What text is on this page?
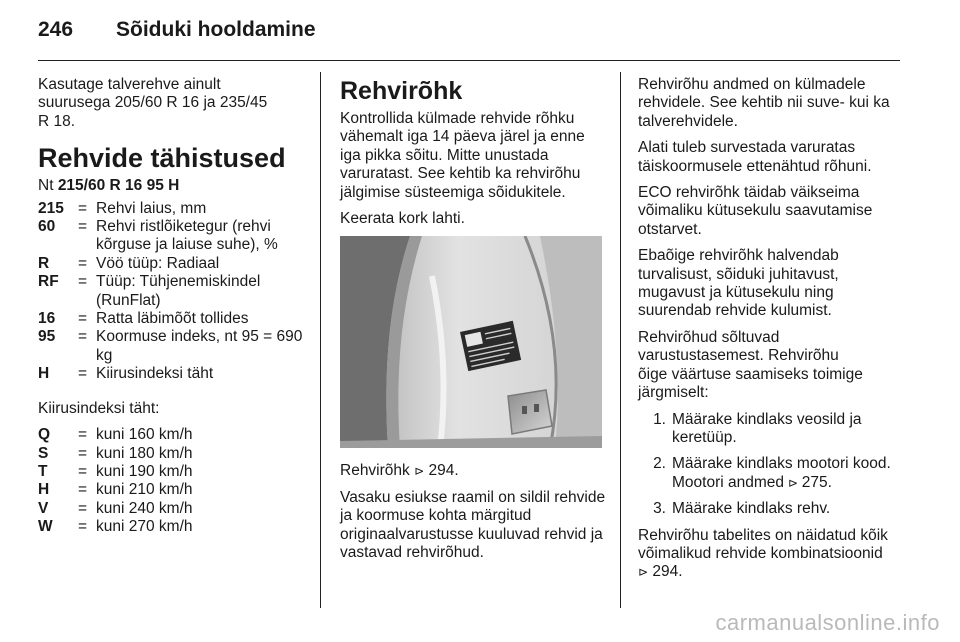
246	Sõiduki hooldamine

Kasutage talverehve ainult suurusega 205/60 R 16 ja 235/45 R 18.

Rehvide tähistused
Nt 215/60 R 16 95 H
215 = Rehvi laius, mm
60	= Rehvi ristlõiketegur (rehvi kõrguse ja laiuse suhe), %
R	= Vöö tüüp: Radiaal
RF	= Tüüp: Tühjenemiskindel (RunFlat)
16	= Ratta läbimõõt tollides
95	= Koormuse indeks, nt 95 = 690 kg
H	= Kiirusindeksi täht

Kiirusindeksi täht:

Q	= kuni 160 km/h
S	= kuni 180 km/h
T	= kuni 190 km/h
H	= kuni 210 km/h
V	= kuni 240 km/h
W	= kuni 270 km/h
Rehvirõhk

Kontrollida külmade rehvide rõhku vähemalt iga 14 päeva järel ja enne iga pikka sõitu. Mitte unustada varuratast. See kehtib ka rehvirõhu jälgimise süsteemiga sõidukitele.

Keerata kork lahti.

Rehvirõhk ⊳ 294.

Vasaku esiukse raamil on sildil rehvide ja koormuse kohta märgitud originaalvarustusse kuuluvad rehvid ja vastavad rehvirõhud.

Rehvirõhu andmed on külmadele rehvidele. See kehtib nii suve- kui ka talverehvidele.

Alati tuleb survestada varuratas täiskoormusele ettenähtud rõhuni.

ECO rehvirõhk täidab väikseima võimaliku kütusekulu saavutamise otstarvet.

Ebaõige rehvirõhk halvendab turvalisust, sõiduki juhitavust, mugavust ja kütusekulu ning suurendab rehvide kulumist.

Rehvirõhud sõltuvad varustustasemest. Rehvirõhu õige väärtuse saamiseks toimige järgmiselt:

1. Määrake kindlaks veosild ja keretüüp.
2. Määrake kindlaks mootori kood. Mootori andmed ⊳ 275.
3. Määrake kindlaks rehv.

Rehvirõhu tabelites on näidatud kõik võimalikud rehvide kombinatsioonid
⊳ 294.

carmanualsonline.info
